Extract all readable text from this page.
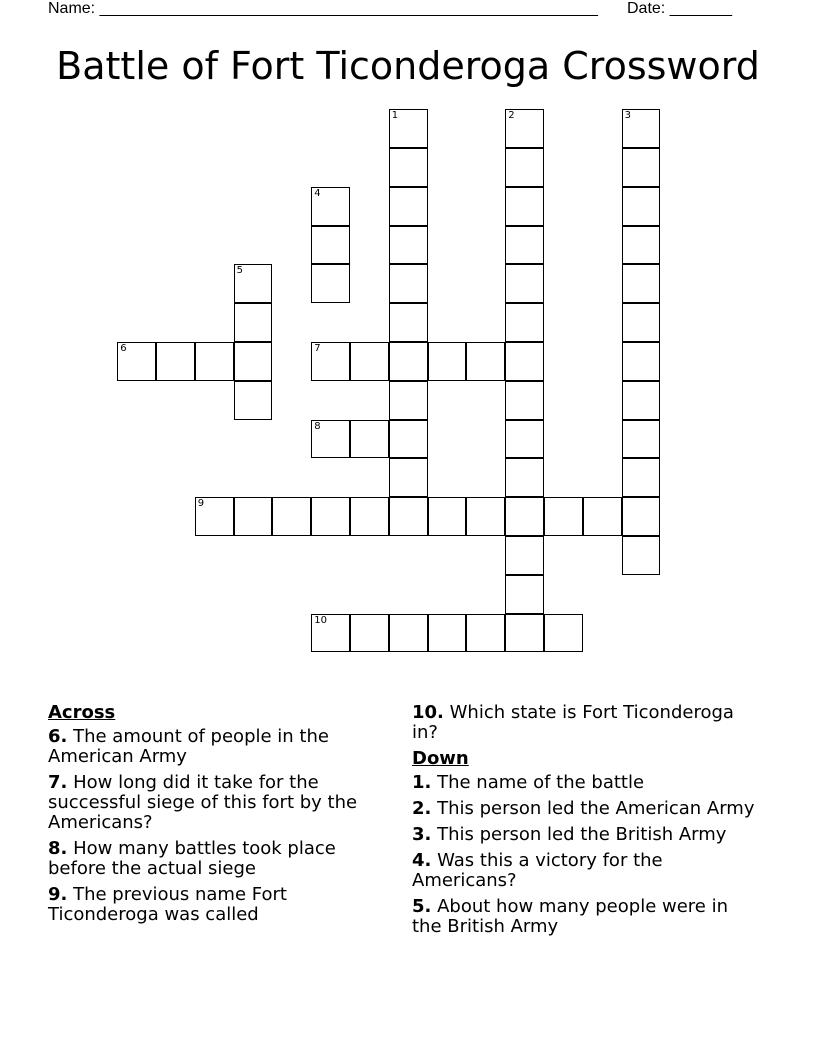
Name: ________________________________________________________ Date: _______
Battle of Fort Ticonderoga Crossword
1	2	3
4
5
6	7
8
9
10
Across
6. The amount of people in the American Army
7. How long did it take for the successful siege of this fort by the Americans?
8. How many battles took place before the actual siege
9. The previous name Fort Ticonderoga was called
10. Which state is Fort Ticonderoga in?
Down
1. The name of the battle
2. This person led the American Army
3. This person led the British Army
4. Was this a victory for the Americans?
5. About how many people were in the British Army
